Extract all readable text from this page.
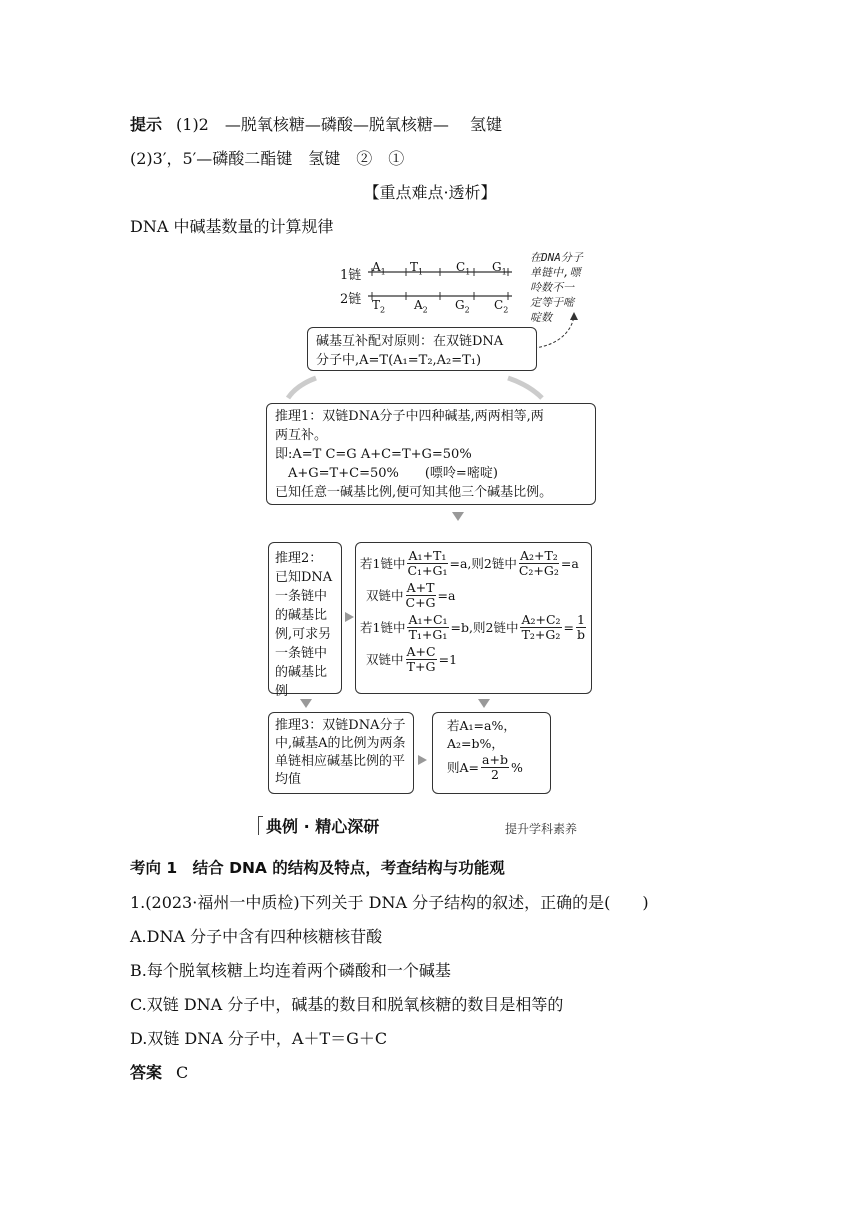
提示 (1)2　—脱氧核糖—磷酸—脱氧核糖—　 氢键
(2)3′，5′—磷酸二酯键　氢键　②　①
【重点难点·透析】
DNA 中碱基数量的计算规律
1链
2链
$A_1$ $T_1$	$C_1$ $G_1$
$T_2$ $A_2$ $G_2$ $C_2$
在DNA分子
单链中,嘌
呤数不一
定等于嘧
啶数
碱基互补配对原则：在双链DNA
分子中,A=T(A₁=T₂,A₂=T₁)
推理1：双链DNA分子中四种碱基,两两相等,两
两互补。
即:A=T C=G A+C=T+G=50%
　A+G=T+C=50%　　(嘌呤=嘧啶)
已知任意一碱基比例,便可知其他三个碱基比例。
推理2：已知DNA一条链中的碱基比例,可求另一条链中的碱基比例
若1链中 $\frac{\text{A₁+T₁}}{\text{C₁+G₁}} =a$,则2链中 $\frac{\text{A₂+T₂}}{\text{C₂+G₂}} =a$
双链中 $\frac{A+T}{C+G} =a$
若1链中 $\frac{\text{A₁+C₁}}{\text{T₁+G₁}} =b$,则2链中 $\frac{\text{A₂+C₂}}{\text{T₂+G₂}} = \frac{1}{b}$
双链中 $\frac{A+C}{T+G} =1$
推理3：双链DNA分子中,碱基A的比例为两条单链相应碱基比例的平均值
若A₁=a%，
A₂=b%，
则$A= \frac{a+b}{2}$ %
典例 · 精心深研	提升学科素养
考向 1　结合 DNA 的结构及特点，考查结构与功能观
1.(2023·福州一中质检)下列关于 DNA 分子结构的叙述，正确的是(　　)
A.DNA 分子中含有四种核糖核苷酸
B.每个脱氧核糖上均连着两个磷酸和一个碱基
C.双链 DNA 分子中，碱基的数目和脱氧核糖的数目是相等的
D.双链 DNA 分子中，A＋T＝G＋C
答案 C
